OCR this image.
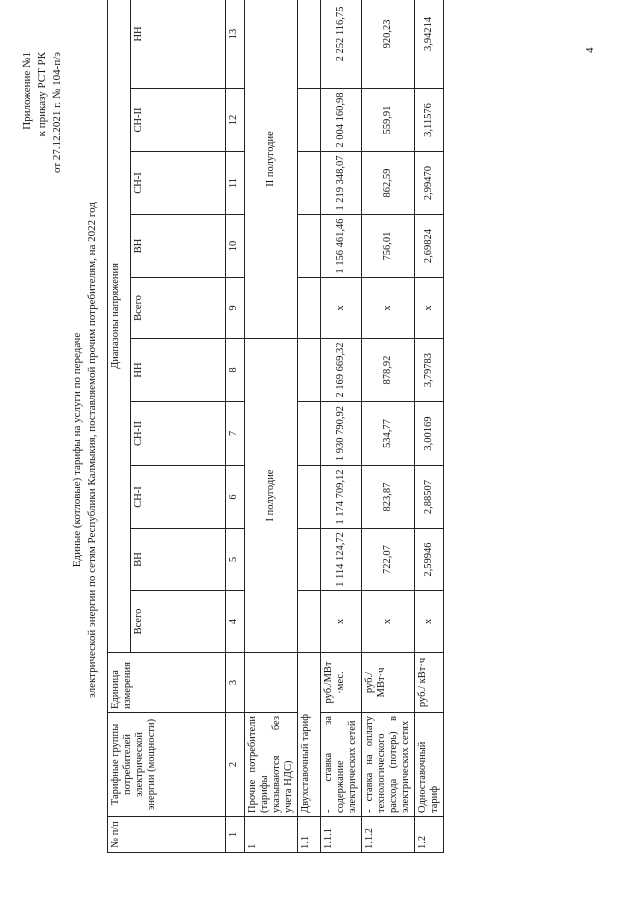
4
Приложение №1 к приказу РСТ РК от 27.12.2021 г. № 104-п/э
Единые (котловые) тарифы на услуги по передаче электрической энергии по сетям Республики Калмыкия, поставляемой прочим потребителям, на 2022 год
№ п/п	Тарифные группы потребителей электрической энергии (мощности)	Единица измерения	Диапазоны напряжения									
			Всего	ВН	СН-I	СН-II	НН	Всего	ВН	СН-I	СН-II	НН
1	2	3	4	5	6	7	8	9	10	11	12	13
1	Прочие потребители (тарифы указываются без учета НДС)		I полугодие					II полугодие				
1.1	Двухставочный тариф											
1.1.1	- ставка за содержание электрических сетей	руб./МВт ·мес.	x	1 114 124,72	1 174 709,12	1 930 790,92	2 169 669,32	x	1 156 461,46	1 219 348,07	2 004 160,98	2 252 116,75
1.1.2	- ставка на оплату технологического расхода (потерь) в электрических сетях	руб./ МВт·ч	x	722,07	823,87	534,77	878,92	x	756,01	862,59	559,91	920,23
1.2	Одноставочный тариф	руб./ кВт·ч	x	2,59946	2,88507	3,00169	3,79783	x	2,69824	2,99470	3,11576	3,94214
